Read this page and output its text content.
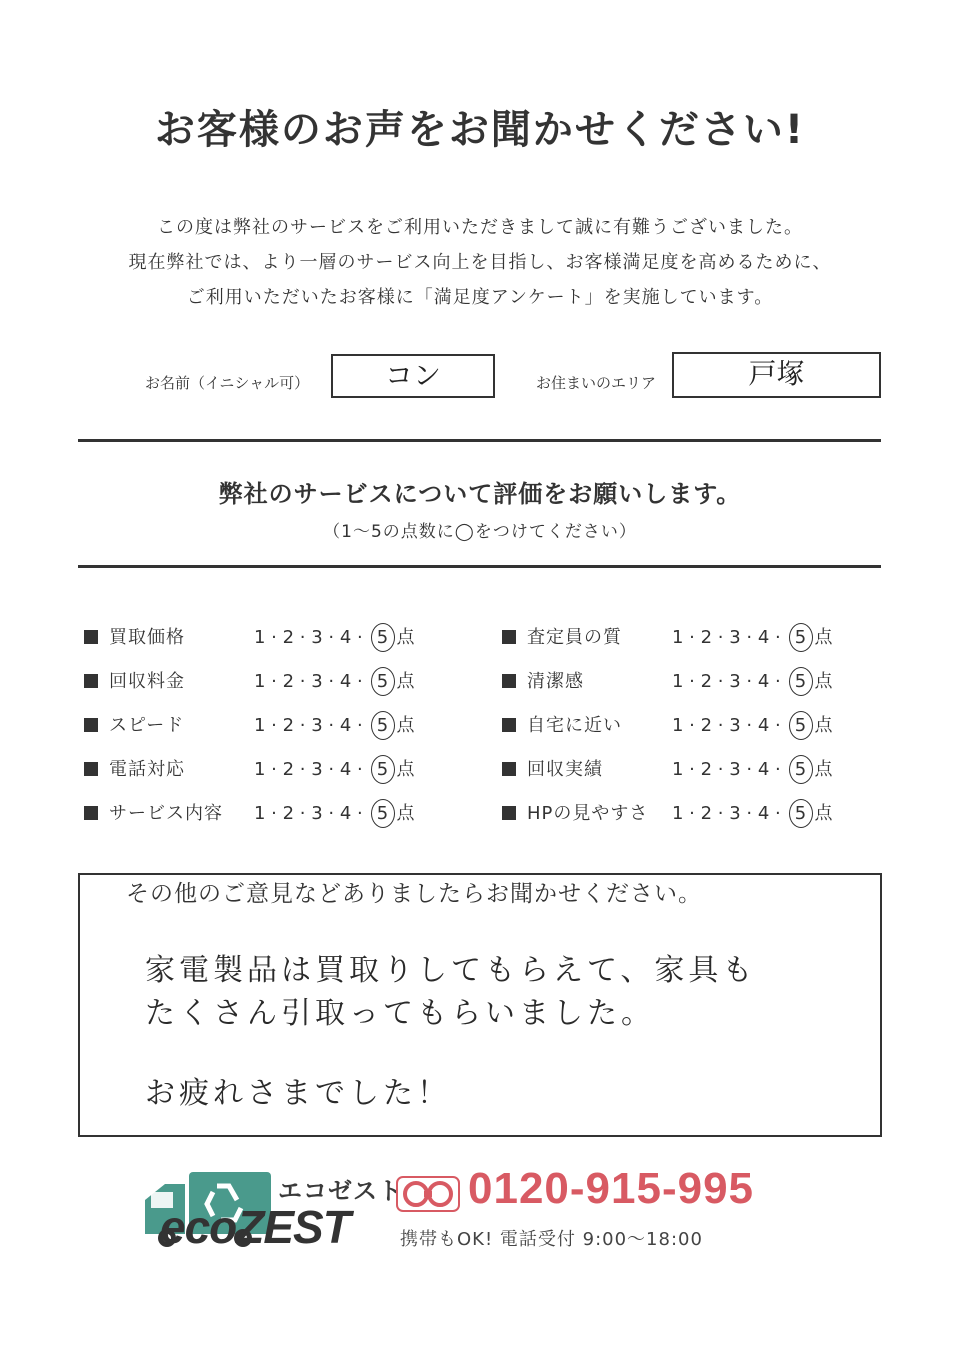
お客様のお声をお聞かせください!
この度は弊社のサービスをご利用いただきまして誠に有難うございました。
現在弊社では、より一層のサービス向上を目指し、お客様満足度を高めるために、
ご利用いただいたお客様に「満足度アンケート」を実施しています。
お名前（イニシャル可）	コン	お住まいのエリア	戸塚
弊社のサービスについて評価をお願いします。
（1〜5の点数に◯をつけてください）
買取価格	1 · 2 · 3 · 4 · 5 点
回収料金	1 · 2 · 3 · 4 · 5 点
スピード	1 · 2 · 3 · 4 · 5 点
電話対応	1 · 2 · 3 · 4 · 5 点
サービス内容 1 · 2 · 3 · 4 · 5 点
査定員の質	1 · 2 · 3 · 4 · 5 点
清潔感	1 · 2 · 3 · 4 · 5 点
自宅に近い	1 · 2 · 3 · 4 · 5 点
回収実績	1 · 2 · 3 · 4 · 5 点
HPの見やすさ 1 · 2 · 3 · 4 · 5 点
その他のご意見などありましたらお聞かせください。
家電製品は買取りしてもらえて、家具も
たくさん引取ってもらいました。
お疲れさまでした！
エコゼスト
ecoZEST
0120-915-995
携帯もOK! 電話受付 9:00〜18:00
